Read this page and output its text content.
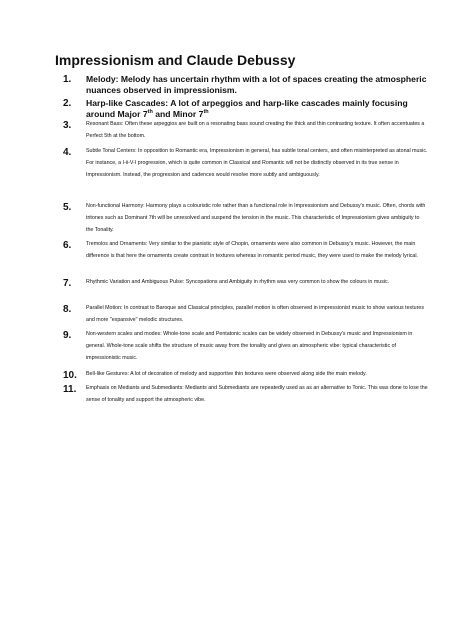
Impressionism and Claude Debussy
1. Melody: Melody has uncertain rhythm with a lot of spaces creating the atmospheric nuances observed in impressionism.
2. Harp-like Cascades: A lot of arpeggios and harp-like cascades mainly focusing around Major 7th and Minor 7th
3.	Resonant Bass: Often these arpeggios are built on a resonating bass sound creating the thick and thin contrasting texture. It often accentuates a Perfect 5th at the bottom.
4.	Subtle Tonal Centers: In opposition to Romantic era, Impressionism in general, has subtle tonal centers, and often misinterpreted as atonal music. For instance, a I-ii-V-I progression, which is quite common in Classical and Romantic will not be distinctly observed in its true sense in Impressionism. Instead, the progression and cadences would resolve more subtly and ambiguously.
5.	Non-functional Harmony: Harmony plays a colouristic role rather than a functional role in Impressionism and Debussy's music. Often, chords with tritones such as Dominant 7th will be unresolved and suspend the tension in the music. This characteristic of Impressionism gives ambiguity to the Tonality.
6.	Tremolos and Ornaments: Very similar to the pianistic style of Chopin, ornaments were also common in Debussy's music. However, the main difference is that here the ornaments create contrast in textures whereas in romantic period music, they were used to make the melody lyrical.
7.	Rhythmic Variation and Ambiguous Pulse: Syncopations and Ambiguity in rhythm was very common to show the colours in music.
8.	Parallel Motion: In contrast to Baroque and Classical principles, parallel motion is often observed in impressionist music to show various textures and more "expansive" melodic structures.
9.	Non-western scales and modes: Whole-tone scale and Pentatonic scales can be widely observed in Debussy's music and Impressionism in general. Whole-tone scale shifts the structure of music away from the tonality and gives an atmospheric vibe: typical characteristic of impressionistic music.
10. Bell-like Gestures: A lot of decoration of melody and supportive thin textures were observed along side the main melody.
11. Emphasis on Mediants and Submediants: Mediants and Submediants are repeatedly used as as an alternative to Tonic. This was done to lose the sense of tonality and support the atmospheric vibe.
